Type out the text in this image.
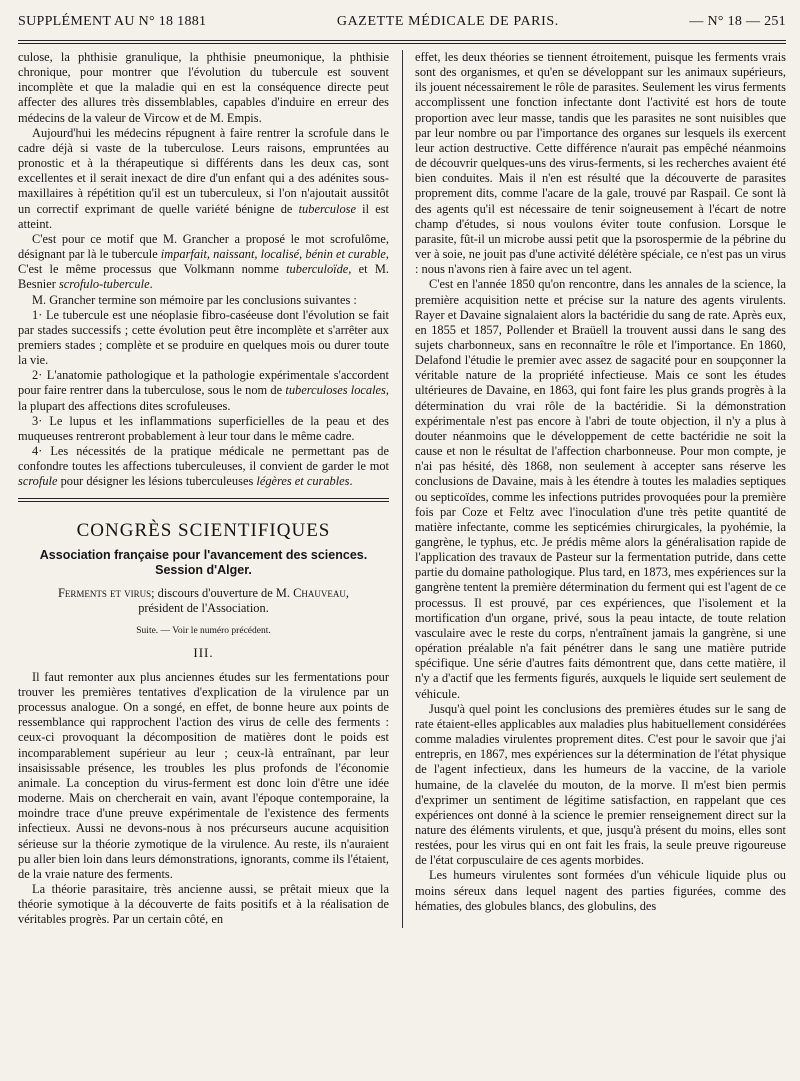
SUPPLÉMENT AU N° 18 1881	GAZETTE MÉDICALE DE PARIS.	— N° 18 — 251

culose, la phthisie granulique, la phthisie pneumonique, la phthisie chronique, pour montrer que l'évolution du tubercule est souvent incomplète et que la maladie qui en est la conséquence directe peut affecter des allures très dissemblables, capables d'induire en erreur des médecins de la valeur de Vircow et de M. Empis.

Aujourd'hui les médecins répugnent à faire rentrer la scrofule dans le cadre déjà si vaste de la tuberculose. Leurs raisons, empruntées au pronostic et à la thérapeutique si différents dans les deux cas, sont excellentes et il serait inexact de dire d'un enfant qui a des adénites sous-maxillaires à répétition qu'il est un tuberculeux, si l'on n'ajoutait aussitôt un correctif exprimant de quelle variété bénigne de tuberculose il est atteint.

C'est pour ce motif que M. Grancher a proposé le mot scrofulôme, désignant par là le tubercule imparfait, naissant, localisé, bénin et curable, C'est le même processus que Volkmann nomme tuberculoïde, et M. Besnier scrofulo-tubercule.

M. Grancher termine son mémoire par les conclusions suivantes :

1· Le tubercule est une néoplasie fibro-caséeuse dont l'évolution se fait par stades successifs ; cette évolution peut être incomplète et s'arrêter aux premiers stades ; complète et se produire en quelques mois ou durer toute la vie.

2· L'anatomie pathologique et la pathologie expérimentale s'accordent pour faire rentrer dans la tuberculose, sous le nom de tuberculoses locales, la plupart des affections dites scrofuleuses.

3· Le lupus et les inflammations superficielles de la peau et des muqueuses rentreront probablement à leur tour dans le même cadre.

4· Les nécessités de la pratique médicale ne permettant pas de confondre toutes les affections tuberculeuses, il convient de garder le mot scrofule pour désigner les lésions tuberculeuses légères et curables.

CONGRÈS SCIENTIFIQUES
Association française pour l'avancement des sciences.
Session d'Alger.
Ferments et virus; discours d'ouverture de M. Chauveau,
président de l'Association.
Suite. — Voir le numéro précédent.
III.

Il faut remonter aux plus anciennes études sur les fermentations pour trouver les premières tentatives d'explication de la virulence par un processus analogue. On a songé, en effet, de bonne heure aux points de ressemblance qui rapprochent l'action des virus de celle des ferments : ceux-ci provoquant la décomposition de matières dont le poids est incomparablement supérieur au leur ; ceux-là entraînant, par leur insaisissable présence, les troubles les plus profonds de l'économie animale. La conception du virus-ferment est donc loin d'être une idée moderne. Mais on chercherait en vain, avant l'époque contemporaine, la moindre trace d'une preuve expérimentale de l'existence des ferments infectieux. Aussi ne devons-nous à nos précurseurs aucune acquisition sérieuse sur la théorie zymotique de la virulence. Au reste, ils n'auraient pu aller bien loin dans leurs démonstrations, ignorants, comme ils l'étaient, de la vraie nature des ferments.

La théorie parasitaire, très ancienne aussi, se prêtait mieux que la théorie symotique à la découverte de faits positifs et à la réalisation de véritables progrès. Par un certain côté, en

effet, les deux théories se tiennent étroitement, puisque les ferments vrais sont des organismes, et qu'en se développant sur les animaux supérieurs, ils jouent nécessairement le rôle de parasites. Seulement les virus ferments accomplissent une fonction infectante dont l'activité est hors de toute proportion avec leur masse, tandis que les parasites ne sont nuisibles que par leur nombre ou par l'importance des organes sur lesquels ils exercent leur action destructive. Cette différence n'aurait pas empêché néanmoins de découvrir quelques-uns des virus-ferments, si les recherches avaient été bien conduites. Mais il n'en est résulté que la découverte de parasites proprement dits, comme l'acare de la gale, trouvé par Raspail. Ce sont là des agents qu'il est nécessaire de tenir soigneusement à l'écart de notre champ d'études, si nous voulons éviter toute confusion. Lorsque le parasite, fût-il un microbe aussi petit que la psorospermie de la pébrine du ver à soie, ne jouit pas d'une activité délétère spéciale, ce n'est pas un virus : nous n'avons rien à faire avec un tel agent.

C'est en l'année 1850 qu'on rencontre, dans les annales de la science, la première acquisition nette et précise sur la nature des agents virulents. Rayer et Davaine signalaient alors la bactéridie du sang de rate. Après eux, en 1855 et 1857, Pollender et Braüell la trouvent aussi dans le sang des sujets charbonneux, sans en reconnaître le rôle et l'importance. En 1860, Delafond l'étudie le premier avec assez de sagacité pour en soupçonner la véritable nature de la propriété infectieuse. Mais ce sont les études ultérieures de Davaine, en 1863, qui font faire les plus grands progrès à la détermination du vrai rôle de la bactéridie. Si la démonstration expérimentale n'est pas encore à l'abri de toute objection, il n'y a plus à douter néanmoins que le développement de cette bactéridie ne soit la cause et non le résultat de l'affection charbonneuse. Pour mon compte, je n'ai pas hésité, dès 1868, non seulement à accepter sans réserve les conclusions de Davaine, mais à les étendre à toutes les maladies septiques ou septicoïdes, comme les infections putrides provoquées pour la première fois par Coze et Feltz avec l'inoculation d'une très petite quantité de matière infectante, comme les septicémies chirurgicales, la pyohémie, la gangrène, le typhus, etc. Je prédis même alors la généralisation rapide de l'application des travaux de Pasteur sur la fermentation putride, dans cette partie du domaine pathologique. Plus tard, en 1873, mes expériences sur la gangrène tentent la première détermination du ferment qui est l'agent de ce processus. Il est prouvé, par ces expériences, que l'isolement et la mortification d'un organe, privé, sous la peau intacte, de toute relation vasculaire avec le reste du corps, n'entraînent jamais la gangrène, si une opération préalable n'a fait pénétrer dans le sang une matière putride spécifique. Une série d'autres faits démontrent que, dans cette matière, il n'y a d'actif que les ferments figurés, auxquels le liquide sert seulement de véhicule.

Jusqu'à quel point les conclusions des premières études sur le sang de rate étaient-elles applicables aux maladies plus habituellement considérées comme maladies virulentes proprement dites. C'est pour le savoir que j'ai entrepris, en 1867, mes expériences sur la détermination de l'état physique de l'agent infectieux, dans les humeurs de la vaccine, de la variole humaine, de la clavelée du mouton, de la morve. Il m'est bien permis d'exprimer un sentiment de légitime satisfaction, en rappelant que ces expériences ont donné à la science le premier renseignement direct sur la nature des éléments virulents, et que, jusqu'à présent du moins, elles sont restées, pour les virus qui en ont fait les frais, la seule preuve rigoureuse de l'état corpusculaire de ces agents morbides.

Les humeurs virulentes sont formées d'un véhicule liquide plus ou moins séreux dans lequel nagent des parties figurées, comme des hématies, des globules blancs, des globulins, des
